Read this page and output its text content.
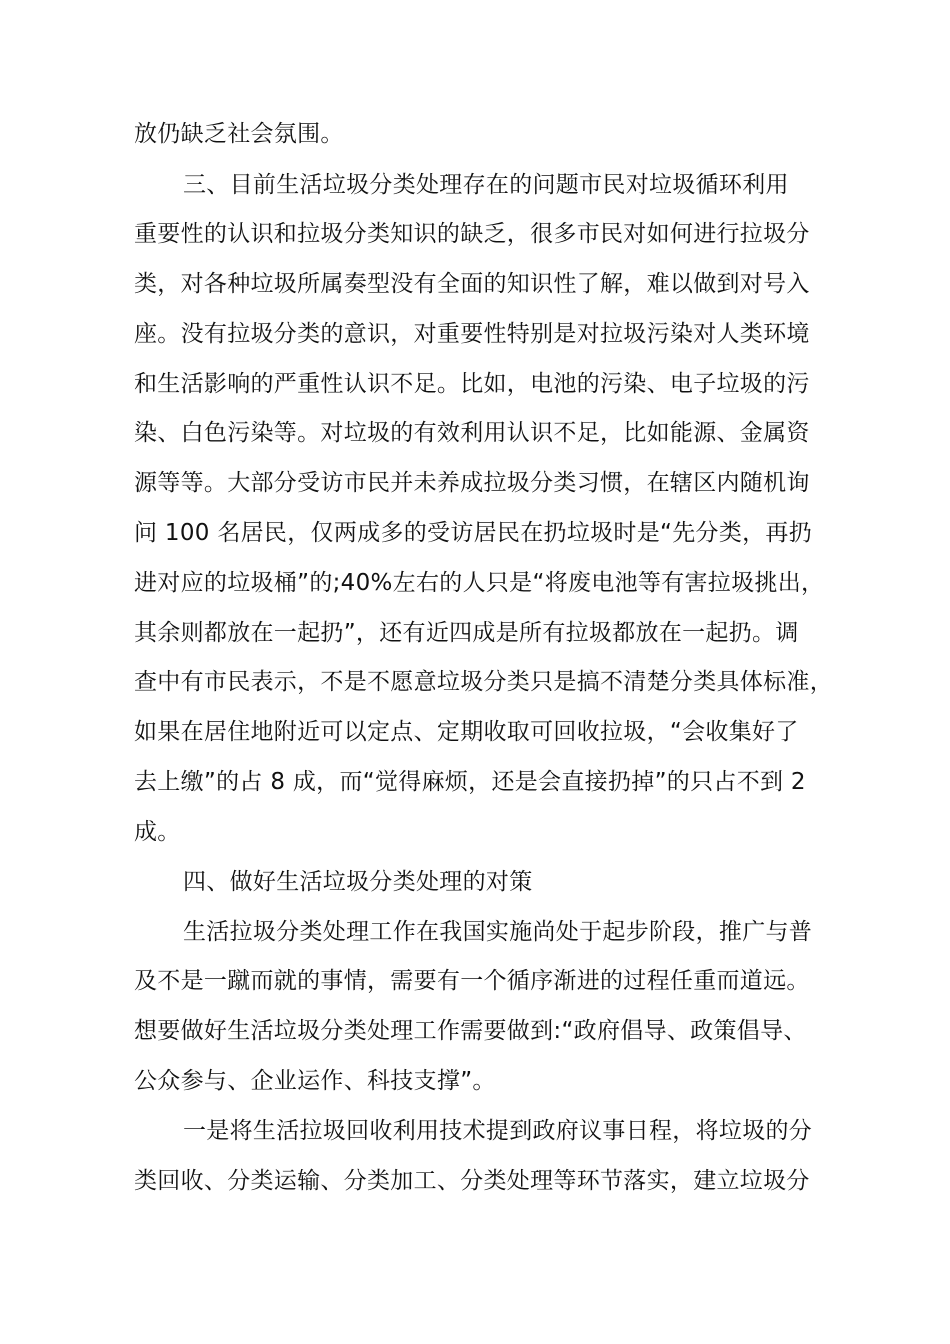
放仍缺乏社会氛围。
三、目前生活垃圾分类处理存在的问题市民对垃圾循环利用
重要性的认识和拉圾分类知识的缺乏，很多市民对如何进行拉圾分
类，对各种垃圾所属奏型没有全面的知识性了解，难以做到对号入
座。没有拉圾分类的意识，对重要性特别是对拉圾污染对人类环境
和生活影响的严重性认识不足。比如，电池的污染、电子垃圾的污
染、白色污染等。对垃圾的有效利用认识不足，比如能源、金属资
源等等。大部分受访市民并未养成拉圾分类习惯，在辖区内随机询
问 100 名居民，仅两成多的受访居民在扔垃圾时是“先分类，再扔
进对应的垃圾桶”的;40%左右的人只是“将废电池等有害拉圾挑出，
其余则都放在一起扔”，还有近四成是所有拉圾都放在一起扔。调
查中有市民表示，不是不愿意垃圾分类只是搞不清楚分类具体标准，
如果在居住地附近可以定点、定期收取可回收拉圾，“会收集好了
去上缴”的占 8 成，而“觉得麻烦，还是会直接扔掉”的只占不到 2
成。
四、做好生活垃圾分类处理的对策
生活拉圾分类处理工作在我国实施尚处于起步阶段，推广与普
及不是一蹴而就的事情，需要有一个循序渐进的过程任重而道远。
想要做好生活垃圾分类处理工作需要做到:“政府倡导、政策倡导、
公众参与、企业运作、科技支撑”。
一是将生活拉圾回收利用技术提到政府议事日程，将垃圾的分
类回收、分类运输、分类加工、分类处理等环节落实，建立垃圾分
